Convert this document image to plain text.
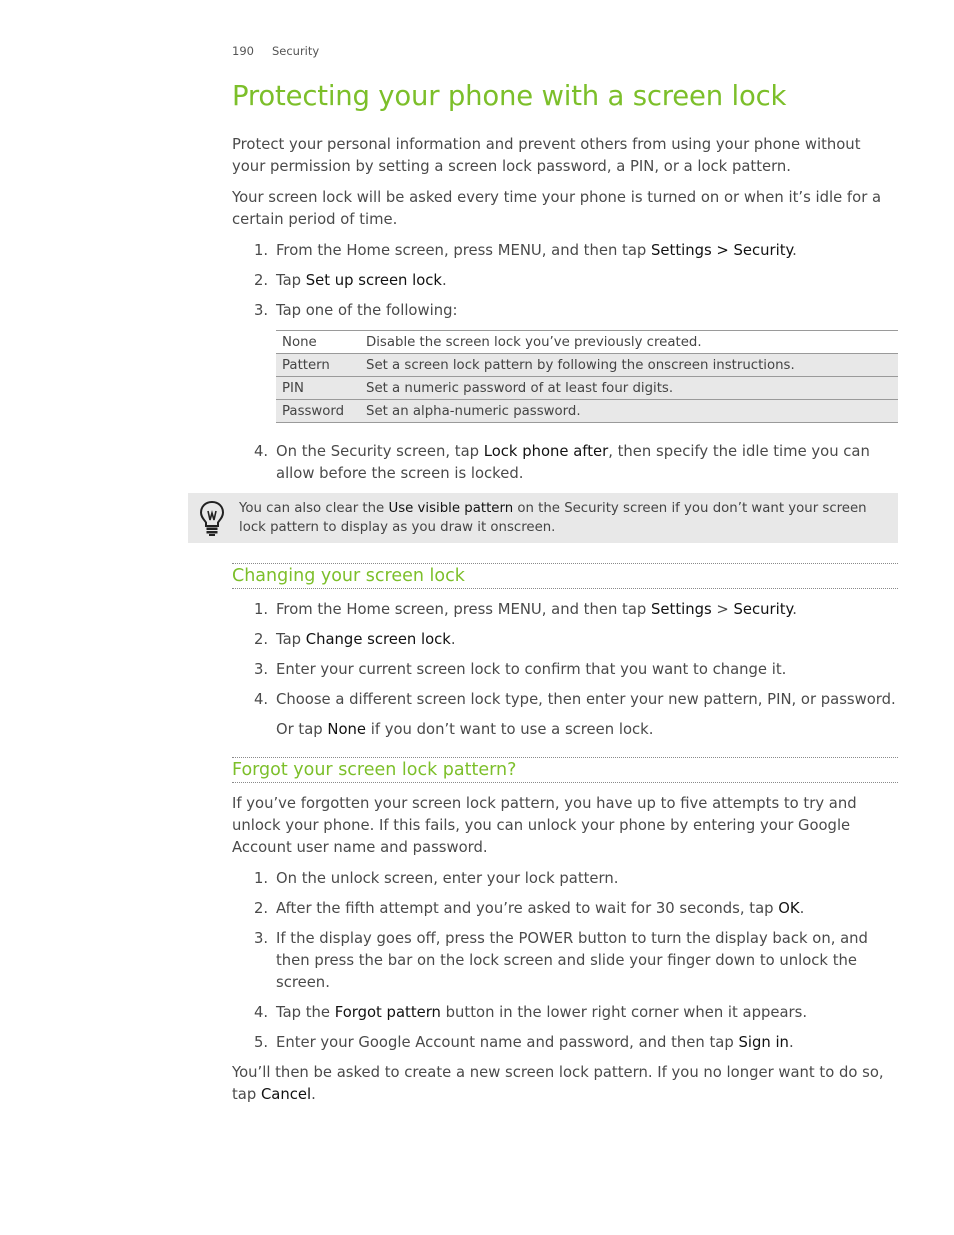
190 Security
Protecting your phone with a screen lock

Protect your personal information and prevent others from using your phone without your permission by setting a screen lock password, a PIN, or a lock pattern.

Your screen lock will be asked every time your phone is turned on or when it’s idle for a certain period of time.

1. From the Home screen, press MENU, and then tap Settings > Security.
2. Tap Set up screen lock.
3. Tap one of the following:
None	Disable the screen lock you’ve previously created.
Pattern	Set a screen lock pattern by following the onscreen instructions.
PIN	Set a numeric password of at least four digits.
Password	Set an alpha-numeric password.
4. On the Security screen, tap Lock phone after, then specify the idle time you can allow before the screen is locked.
You can also clear the Use visible pattern on the Security screen if you don’t want your screen lock pattern to display as you draw it onscreen.
Changing your screen lock
1. From the Home screen, press MENU, and then tap Settings > Security.
2. Tap Change screen lock.
3. Enter your current screen lock to confirm that you want to change it.
4. Choose a different screen lock type, then enter your new pattern, PIN, or password.

Or tap None if you don’t want to use a screen lock.

Forgot your screen lock pattern?

If you’ve forgotten your screen lock pattern, you have up to five attempts to try and unlock your phone. If this fails, you can unlock your phone by entering your Google Account user name and password.

1. On the unlock screen, enter your lock pattern.
2. After the fifth attempt and you’re asked to wait for 30 seconds, tap OK.
3. If the display goes off, press the POWER button to turn the display back on, and then press the bar on the lock screen and slide your finger down to unlock the screen.
4. Tap the Forgot pattern button in the lower right corner when it appears.
5. Enter your Google Account name and password, and then tap Sign in.

You’ll then be asked to create a new screen lock pattern. If you no longer want to do so, tap Cancel.
